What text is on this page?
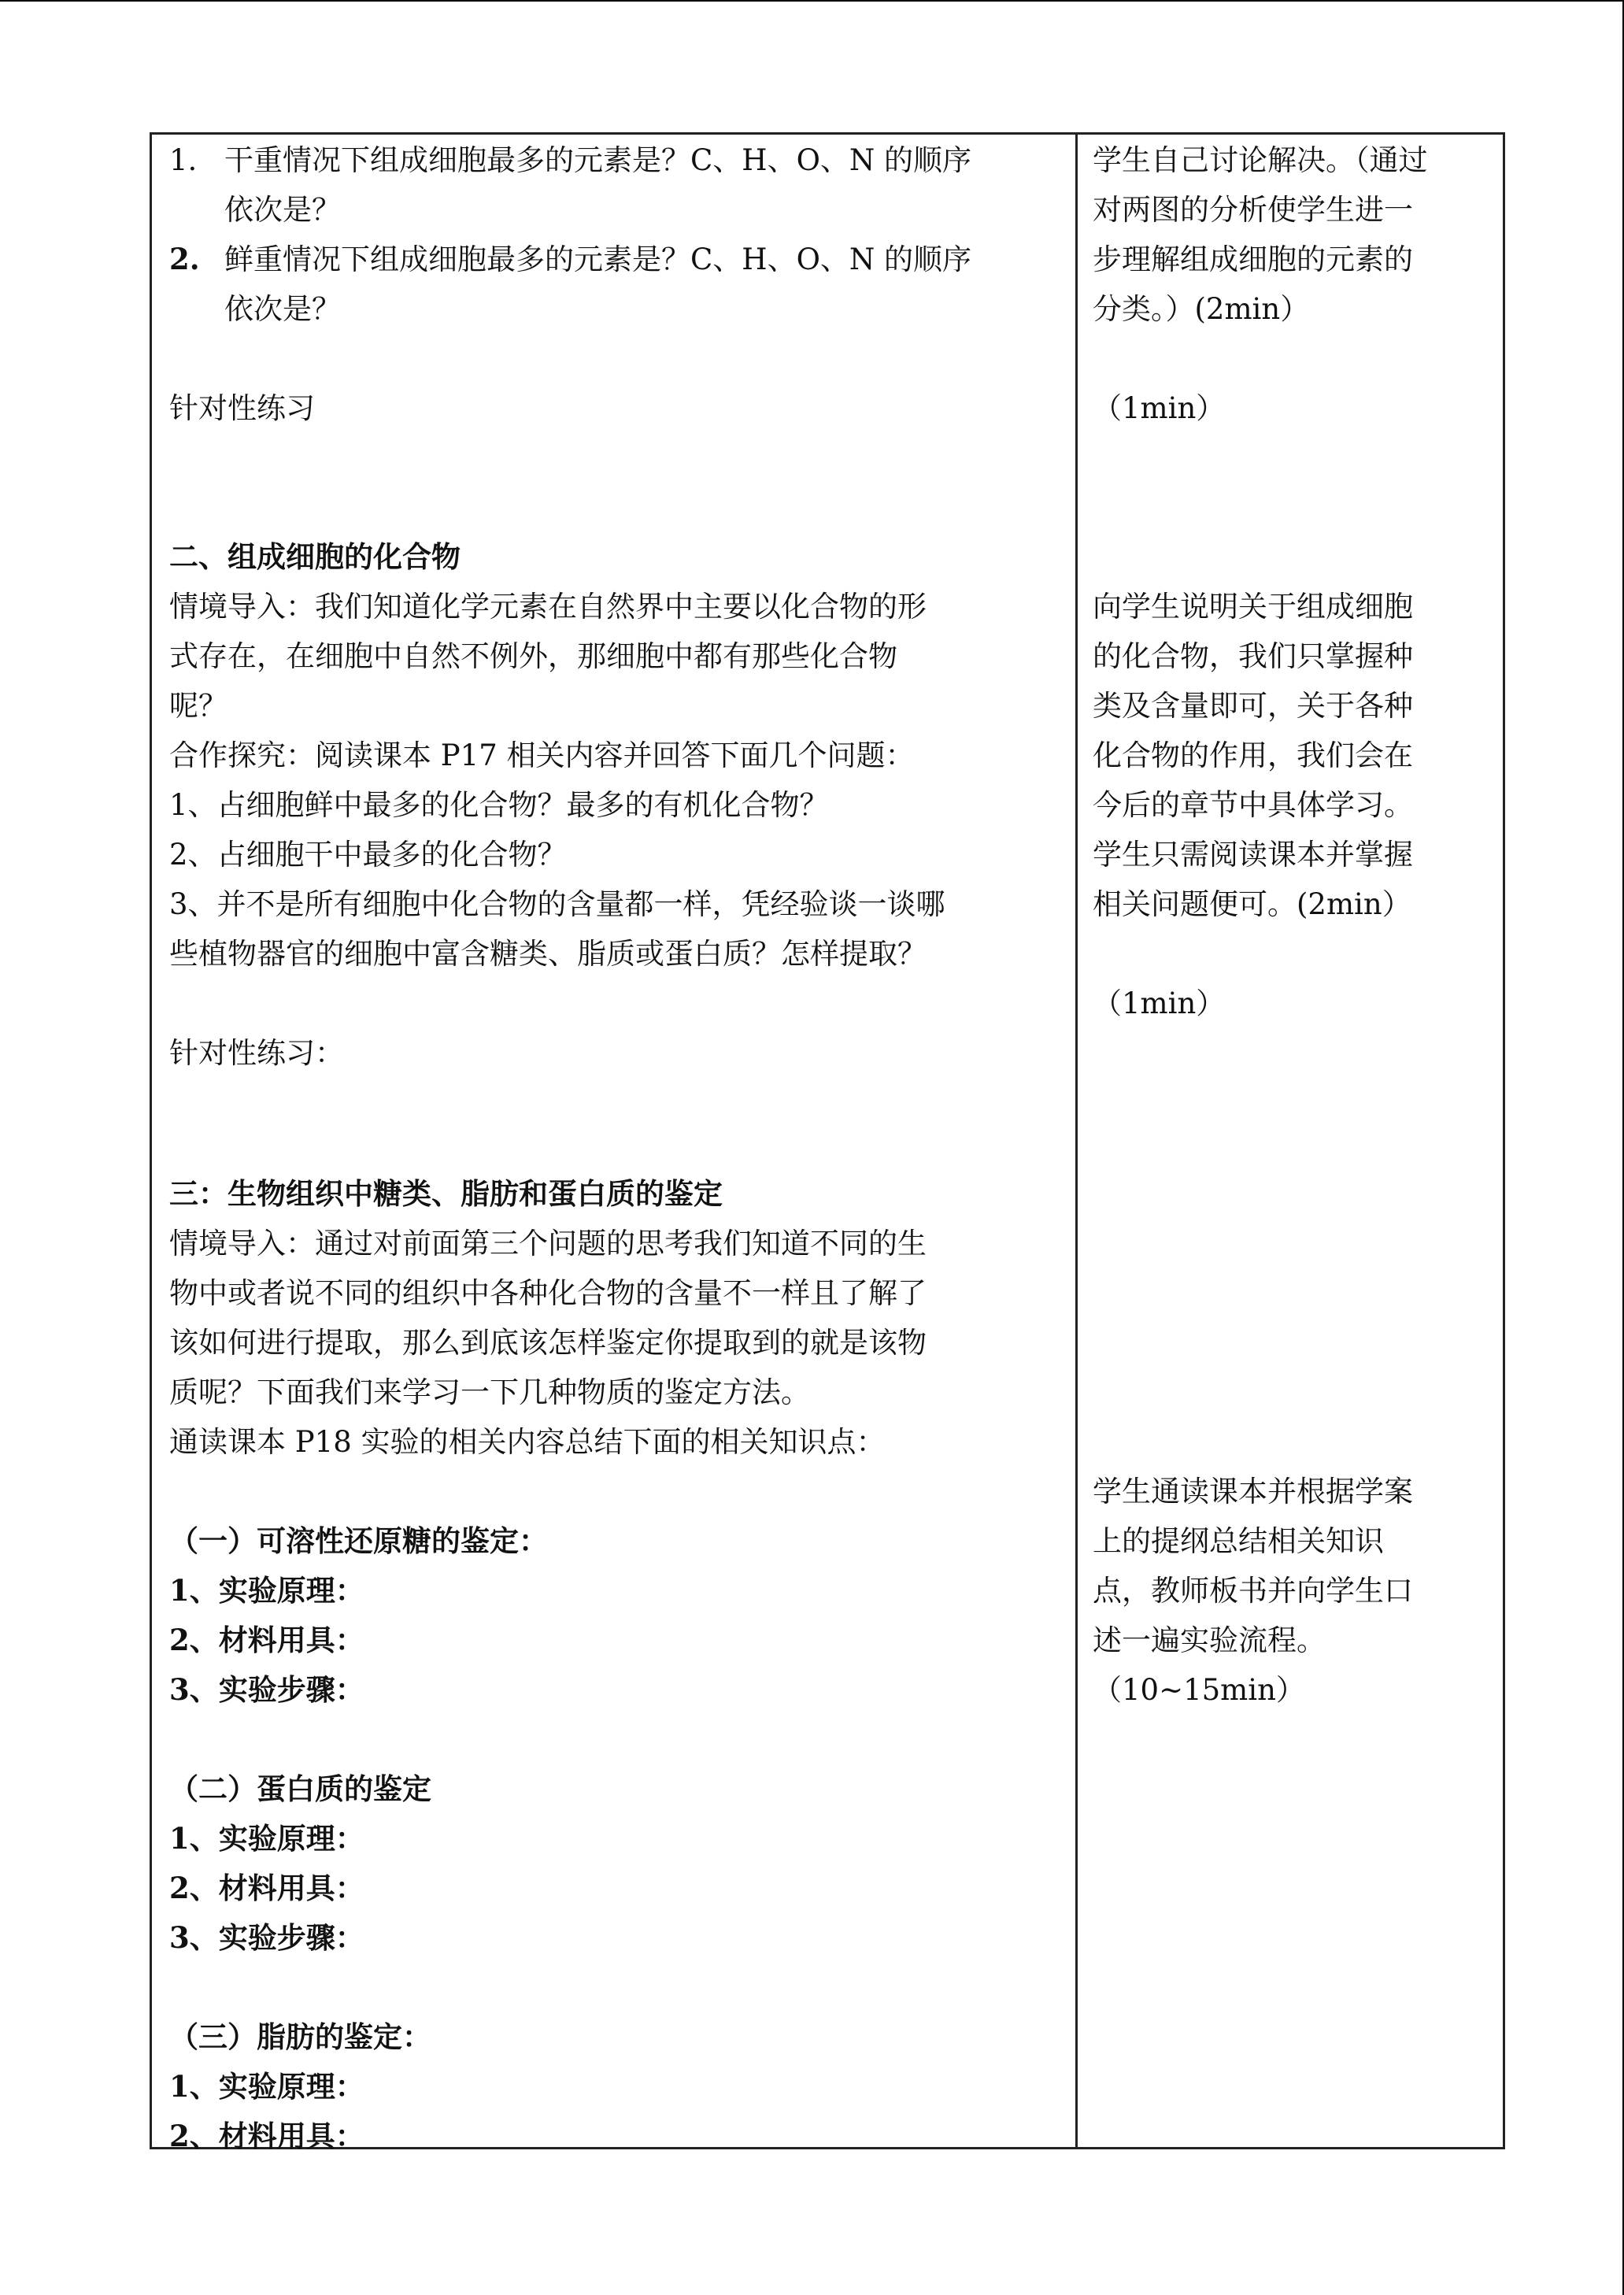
1. 干重情况下组成细胞最多的元素是？C、H、O、N 的顺序
依次是？
2. 鲜重情况下组成细胞最多的元素是？C、H、O、N 的顺序
依次是？
针对性练习
二、组成细胞的化合物
情境导入：我们知道化学元素在自然界中主要以化合物的形
式存在，在细胞中自然不例外，那细胞中都有那些化合物
呢？
合作探究：阅读课本 P17 相关内容并回答下面几个问题：
1、占细胞鲜中最多的化合物？最多的有机化合物？
2、占细胞干中最多的化合物？
3、并不是所有细胞中化合物的含量都一样，凭经验谈一谈哪
些植物器官的细胞中富含糖类、脂质或蛋白质？怎样提取？
针对性练习：
三：生物组织中糖类、脂肪和蛋白质的鉴定
情境导入：通过对前面第三个问题的思考我们知道不同的生
物中或者说不同的组织中各种化合物的含量不一样且了解了
该如何进行提取，那么到底该怎样鉴定你提取到的就是该物
质呢？下面我们来学习一下几种物质的鉴定方法。
通读课本 P18 实验的相关内容总结下面的相关知识点：
（一）可溶性还原糖的鉴定：
1、实验原理：
2、材料用具：
3、实验步骤：
（二）蛋白质的鉴定
1、实验原理：
2、材料用具：
3、实验步骤：
（三）脂肪的鉴定：
1、实验原理：
2、材料用具：
学生自己讨论解决。（通过
对两图的分析使学生进一
步理解组成细胞的元素的
分类。）(2min）
（1min）
向学生说明关于组成细胞
的化合物，我们只掌握种
类及含量即可，关于各种
化合物的作用，我们会在
今后的章节中具体学习。
学生只需阅读课本并掌握
相关问题便可。(2min）
（1min）
学生通读课本并根据学案
上的提纲总结相关知识
点，教师板书并向学生口
述一遍实验流程。
（10~15min）
